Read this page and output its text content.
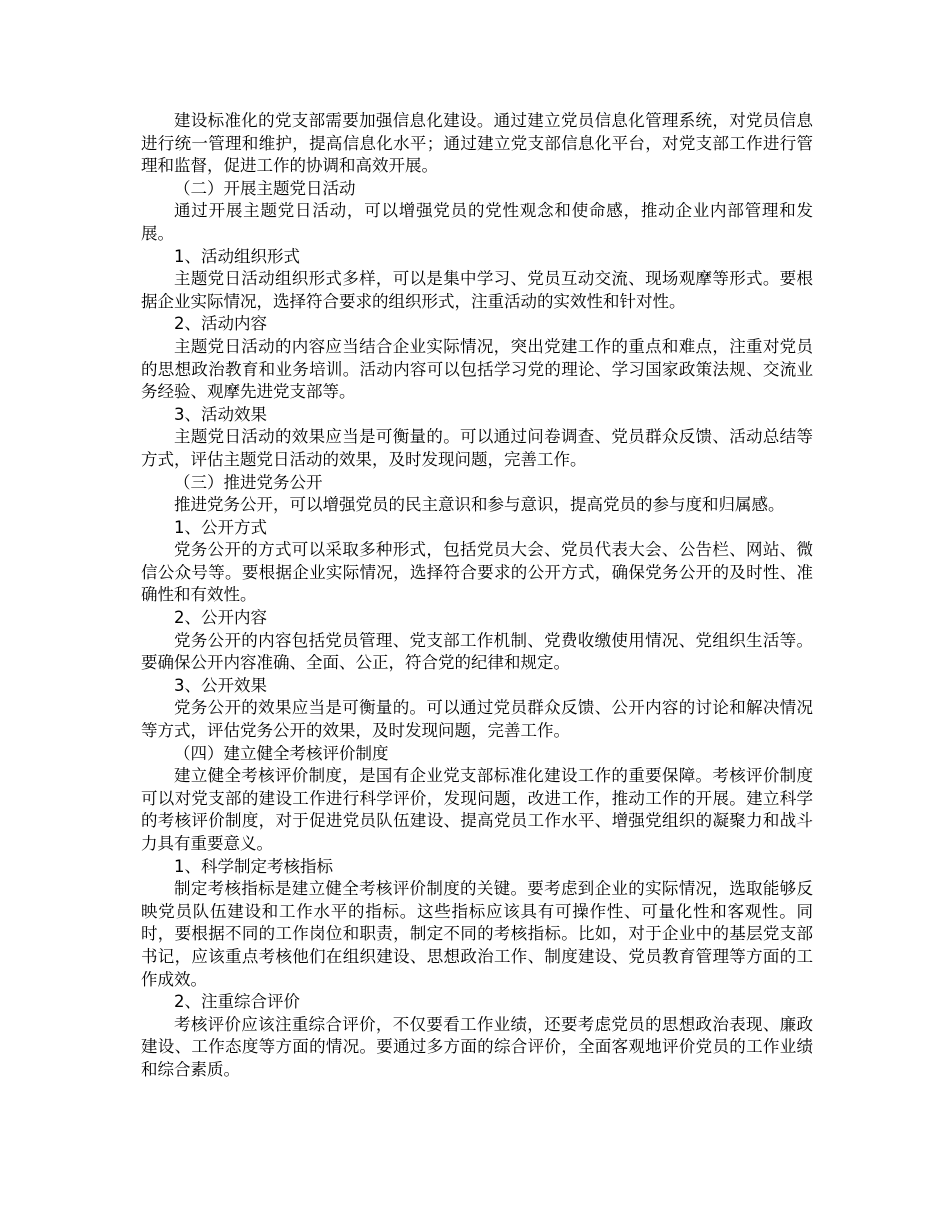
建设标准化的党支部需要加强信息化建设。通过建立党员信息化管理系统，对党员信息进行统一管理和维护，提高信息化水平；通过建立党支部信息化平台，对党支部工作进行管理和监督，促进工作的协调和高效开展。

（二）开展主题党日活动

通过开展主题党日活动，可以增强党员的党性观念和使命感，推动企业内部管理和发展。

1、活动组织形式

主题党日活动组织形式多样，可以是集中学习、党员互动交流、现场观摩等形式。要根据企业实际情况，选择符合要求的组织形式，注重活动的实效性和针对性。

2、活动内容

主题党日活动的内容应当结合企业实际情况，突出党建工作的重点和难点，注重对党员的思想政治教育和业务培训。活动内容可以包括学习党的理论、学习国家政策法规、交流业务经验、观摩先进党支部等。

3、活动效果

主题党日活动的效果应当是可衡量的。可以通过问卷调查、党员群众反馈、活动总结等方式，评估主题党日活动的效果，及时发现问题，完善工作。

（三）推进党务公开

推进党务公开，可以增强党员的民主意识和参与意识，提高党员的参与度和归属感。

1、公开方式

党务公开的方式可以采取多种形式，包括党员大会、党员代表大会、公告栏、网站、微信公众号等。要根据企业实际情况，选择符合要求的公开方式，确保党务公开的及时性、准确性和有效性。

2、公开内容

党务公开的内容包括党员管理、党支部工作机制、党费收缴使用情况、党组织生活等。要确保公开内容准确、全面、公正，符合党的纪律和规定。

3、公开效果

党务公开的效果应当是可衡量的。可以通过党员群众反馈、公开内容的讨论和解决情况等方式，评估党务公开的效果，及时发现问题，完善工作。

（四）建立健全考核评价制度

建立健全考核评价制度，是国有企业党支部标准化建设工作的重要保障。考核评价制度可以对党支部的建设工作进行科学评价，发现问题，改进工作，推动工作的开展。建立科学的考核评价制度，对于促进党员队伍建设、提高党员工作水平、增强党组织的凝聚力和战斗力具有重要意义。

1、科学制定考核指标

制定考核指标是建立健全考核评价制度的关键。要考虑到企业的实际情况，选取能够反映党员队伍建设和工作水平的指标。这些指标应该具有可操作性、可量化性和客观性。同时，要根据不同的工作岗位和职责，制定不同的考核指标。比如，对于企业中的基层党支部书记，应该重点考核他们在组织建设、思想政治工作、制度建设、党员教育管理等方面的工作成效。

2、注重综合评价

考核评价应该注重综合评价，不仅要看工作业绩，还要考虑党员的思想政治表现、廉政建设、工作态度等方面的情况。要通过多方面的综合评价，全面客观地评价党员的工作业绩和综合素质。
